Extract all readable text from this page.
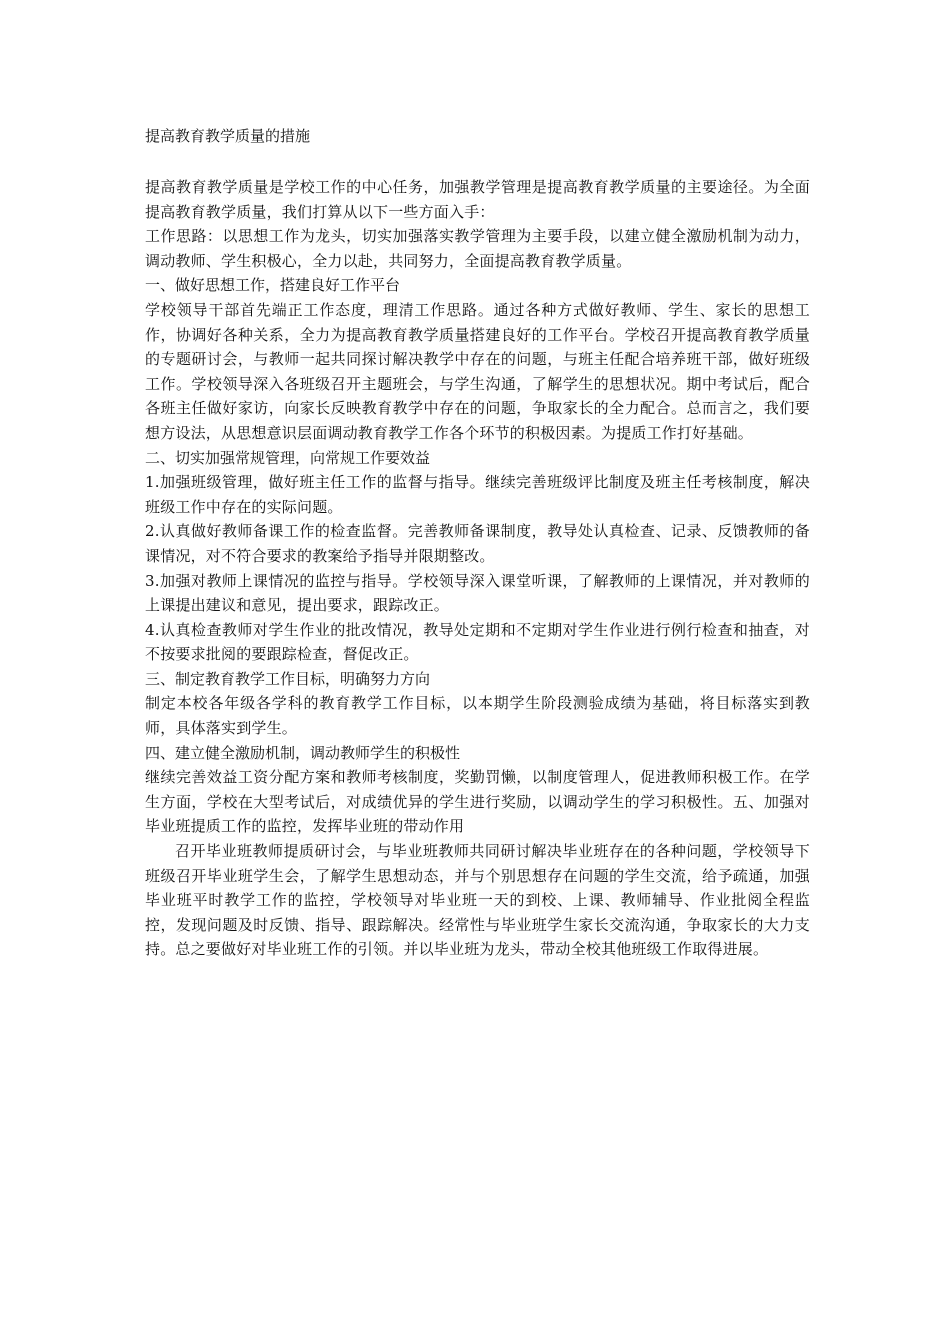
提高教育教学质量的措施

提高教育教学质量是学校工作的中心任务，加强教学管理是提高教育教学质量的主要途径。为全面提高教育教学质量，我们打算从以下一些方面入手：

工作思路：以思想工作为龙头，切实加强落实教学管理为主要手段，以建立健全激励机制为动力，调动教师、学生积极心，全力以赴，共同努力，全面提高教育教学质量。

一、做好思想工作，搭建良好工作平台

学校领导干部首先端正工作态度，理清工作思路。通过各种方式做好教师、学生、家长的思想工作，协调好各种关系，全力为提高教育教学质量搭建良好的工作平台。学校召开提高教育教学质量的专题研讨会，与教师一起共同探讨解决教学中存在的问题，与班主任配合培养班干部，做好班级工作。学校领导深入各班级召开主题班会，与学生沟通，了解学生的思想状况。期中考试后，配合各班主任做好家访，向家长反映教育教学中存在的问题，争取家长的全力配合。总而言之，我们要想方设法，从思想意识层面调动教育教学工作各个环节的积极因素。为提质工作打好基础。

二、切实加强常规管理，向常规工作要效益

1.加强班级管理，做好班主任工作的监督与指导。继续完善班级评比制度及班主任考核制度，解决班级工作中存在的实际问题。

2.认真做好教师备课工作的检查监督。完善教师备课制度，教导处认真检查、记录、反馈教师的备课情况，对不符合要求的教案给予指导并限期整改。

3.加强对教师上课情况的监控与指导。学校领导深入课堂听课，了解教师的上课情况，并对教师的上课提出建议和意见，提出要求，跟踪改正。

4.认真检查教师对学生作业的批改情况，教导处定期和不定期对学生作业进行例行检查和抽查，对不按要求批阅的要跟踪检查，督促改正。

三、制定教育教学工作目标，明确努力方向

制定本校各年级各学科的教育教学工作目标，以本期学生阶段测验成绩为基础，将目标落实到教师，具体落实到学生。

四、建立健全激励机制，调动教师学生的积极性

继续完善效益工资分配方案和教师考核制度，奖勤罚懒，以制度管理人，促进教师积极工作。在学生方面，学校在大型考试后，对成绩优异的学生进行奖励，以调动学生的学习积极性。五、加强对毕业班提质工作的监控，发挥毕业班的带动作用

召开毕业班教师提质研讨会，与毕业班教师共同研讨解决毕业班存在的各种问题，学校领导下班级召开毕业班学生会，了解学生思想动态，并与个别思想存在问题的学生交流，给予疏通，加强毕业班平时教学工作的监控，学校领导对毕业班一天的到校、上课、教师辅导、作业批阅全程监控，发现问题及时反馈、指导、跟踪解决。经常性与毕业班学生家长交流沟通，争取家长的大力支持。总之要做好对毕业班工作的引领。并以毕业班为龙头，带动全校其他班级工作取得进展。
